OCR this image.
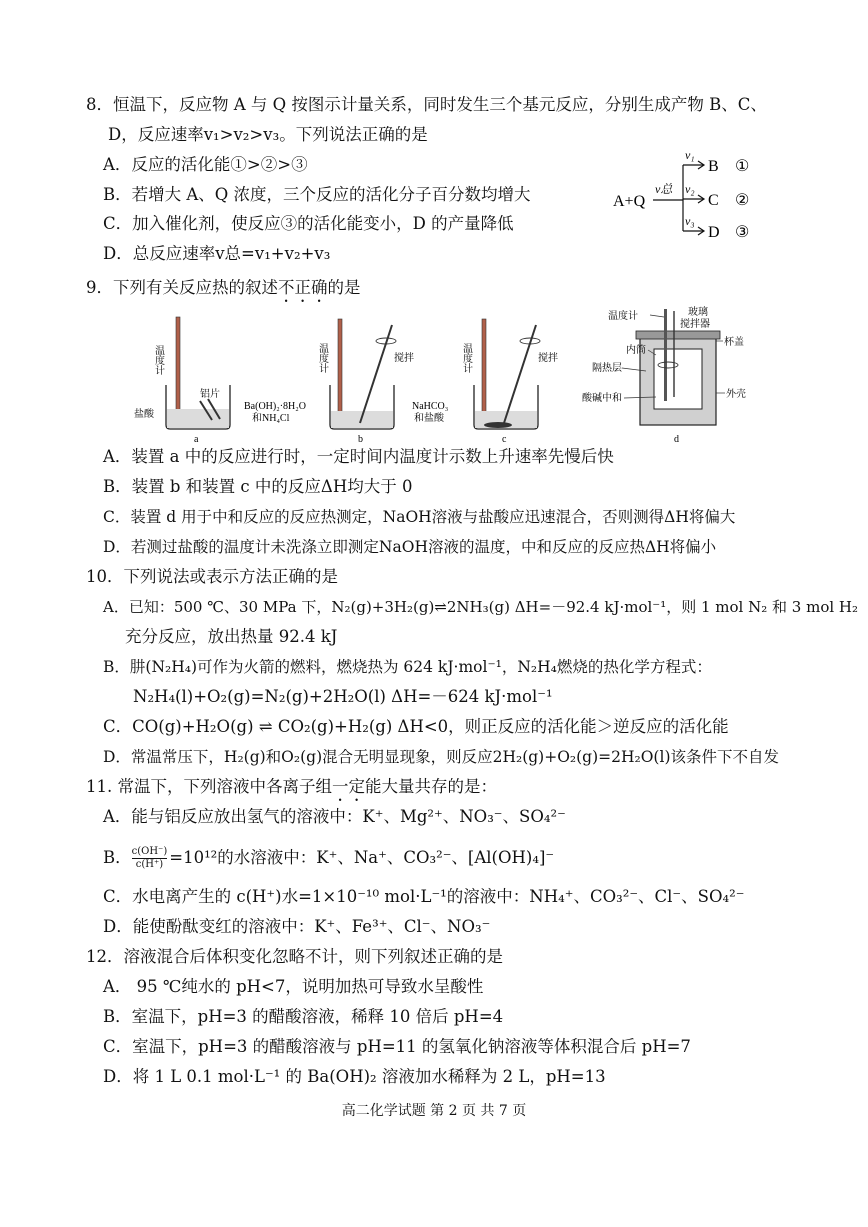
8．恒温下，反应物 A 与 Q 按图示计量关系，同时发生三个基元反应，分别生成产物 B、C、
D，反应速率v₁>v₂>v₃。下列说法正确的是
A．反应的活化能①>②>③
B．若增大 A、Q 浓度，三个反应的活化分子百分数均增大
C．加入催化剂，使反应③的活化能变小，D 的产量降低
D．总反应速率v总=v₁+v₂+v₃
A+Q
v总
v₁
v₂
v₃
B
C
D
①
②
③
9．下列有关反应热的叙述不正确的是
温度计
铝片
盐酸
a
温度计	搅拌
Ba(OH)₂·8H₂O
和NH₄Cl
b
温度计	搅拌
NaHCO₃
和盐酸
c
温度计	玻璃
搅拌器
内筒
杯盖
隔热层
外壳
酸碱中和
d
A．装置 a 中的反应进行时，一定时间内温度计示数上升速率先慢后快
B．装置 b 和装置 c 中的反应ΔH均大于 0
C．装置 d 用于中和反应的反应热测定，NaOH溶液与盐酸应迅速混合，否则测得ΔH将偏大
D．若测过盐酸的温度计未洗涤立即测定NaOH溶液的温度，中和反应的反应热ΔH将偏小
10．下列说法或表示方法正确的是
A．已知：500 ℃、30 MPa 下，N₂(g)+3H₂(g)⇌2NH₃(g) ΔH=－92.4 kJ·mol⁻¹，则 1 mol N₂ 和 3 mol H₂
充分反应，放出热量 92.4 kJ
B．肼(N₂H₄)可作为火箭的燃料，燃烧热为 624 kJ·mol⁻¹，N₂H₄燃烧的热化学方程式：
N₂H₄(l)+O₂(g)=N₂(g)+2H₂O(l) ΔH=－624 kJ·mol⁻¹
C．CO(g)+H₂O(g) ⇌ CO₂(g)+H₂(g) ΔH<0，则正反应的活化能＞逆反应的活化能
D．常温常压下，H₂(g)和O₂(g)混合无明显现象，则反应2H₂(g)+O₂(g)=2H₂O(l)该条件下不自发
11. 常温下，下列溶液中各离子组一定能大量共存的是：
A．能与铝反应放出氢气的溶液中：K⁺、Mg²⁺、NO₃⁻、SO₄²⁻
B． $\frac{c(OH^-)}{c(H^+)} =10^{12}$的水溶液中：K⁺、Na⁺、CO₃²⁻、[Al(OH)₄]⁻
C．水电离产生的 c(H⁺)水=1×10⁻¹⁰ mol·L⁻¹的溶液中：NH₄⁺、CO₃²⁻、Cl⁻、SO₄²⁻
D．能使酚酞变红的溶液中：K⁺、Fe³⁺、Cl⁻、NO₃⁻
12．溶液混合后体积变化忽略不计，则下列叙述正确的是
A． 95 ℃纯水的 pH<7，说明加热可导致水呈酸性
B．室温下，pH=3 的醋酸溶液，稀释 10 倍后 pH=4
C．室温下，pH=3 的醋酸溶液与 pH=11 的氢氧化钠溶液等体积混合后 pH=7
D．将 1 L 0.1 mol·L⁻¹ 的 Ba(OH)₂ 溶液加水稀释为 2 L，pH=13
高二化学试题 第 2 页 共 7 页
